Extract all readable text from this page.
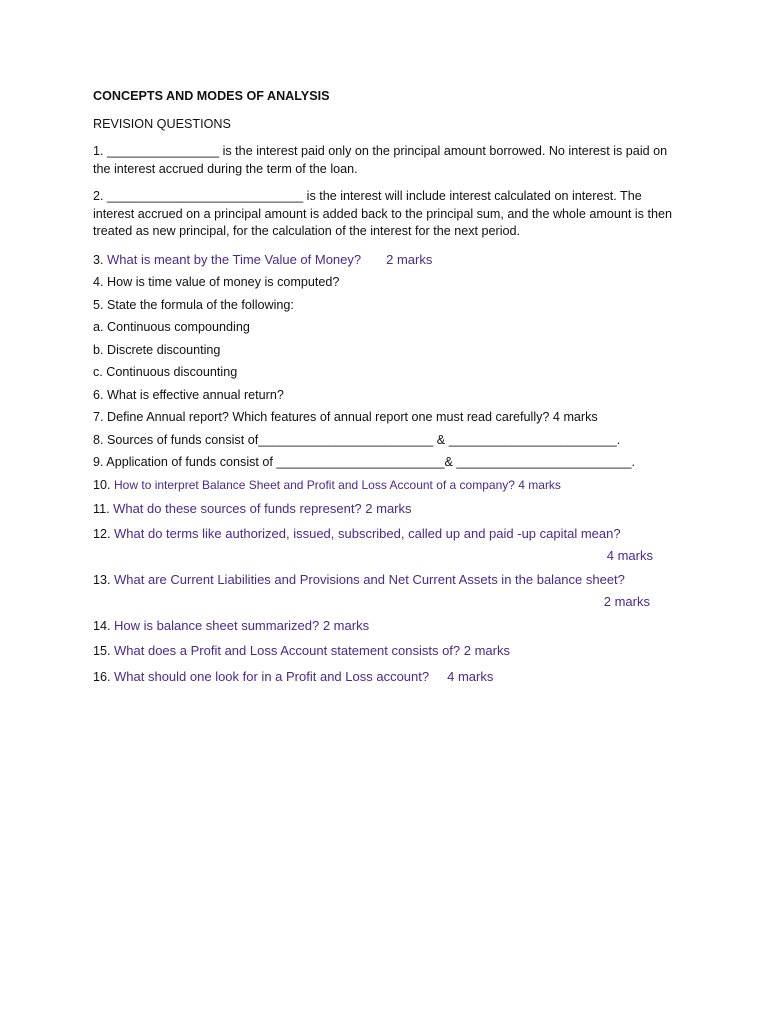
CONCEPTS AND MODES OF ANALYSIS
REVISION QUESTIONS
1. ________________ is the interest paid only on the principal amount borrowed. No interest is paid on the interest accrued during the term of the loan.
2. ____________________________ is the interest will include interest calculated on interest. The interest accrued on a principal amount is added back to the principal sum, and the whole amount is then treated as new principal, for the calculation of the interest for the next period.
3. What is meant by the Time Value of Money? 2 marks
4. How is time value of money is computed?
5. State the formula of the following:
a. Continuous compounding
b. Discrete discounting
c. Continuous discounting
6. What is effective annual return?
7. Define Annual report? Which features of annual report one must read carefully? 4 marks
8. Sources of funds consist of_________________________ & ________________________.
9. Application of funds consist of ________________________& _________________________.
10. How to interpret Balance Sheet and Profit and Loss Account of a company? 4 marks
11. What do these sources of funds represent? 2 marks
12. What do terms like authorized, issued, subscribed, called up and paid -up capital mean?
4 marks
13. What are Current Liabilities and Provisions and Net Current Assets in the balance sheet?
2 marks
14. How is balance sheet summarized? 2 marks
15. What does a Profit and Loss Account statement consists of? 2 marks
16. What should one look for in a Profit and Loss account? 4 marks
